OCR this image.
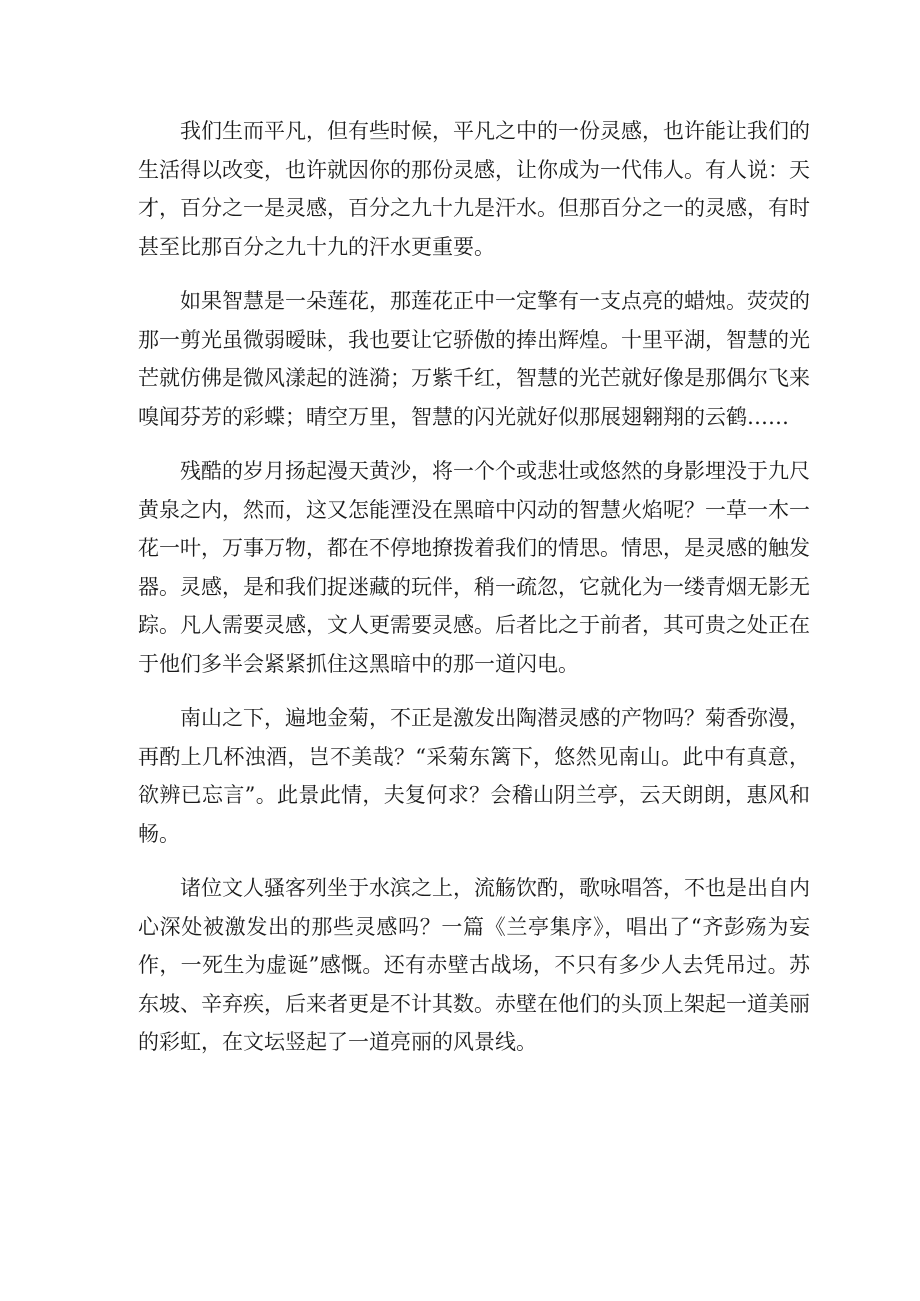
我们生而平凡，但有些时候，平凡之中的一份灵感，也许能让我们的生活得以改变，也许就因你的那份灵感，让你成为一代伟人。有人说：天才，百分之一是灵感，百分之九十九是汗水。但那百分之一的灵感，有时甚至比那百分之九十九的汗水更重要。

如果智慧是一朵莲花，那莲花正中一定擎有一支点亮的蜡烛。荧荧的那一剪光虽微弱暧昧，我也要让它骄傲的捧出辉煌。十里平湖，智慧的光芒就仿佛是微风漾起的涟漪；万紫千红，智慧的光芒就好像是那偶尔飞来嗅闻芬芳的彩蝶；晴空万里，智慧的闪光就好似那展翅翱翔的云鹤……

残酷的岁月扬起漫天黄沙，将一个个或悲壮或悠然的身影埋没于九尺黄泉之内，然而，这又怎能湮没在黑暗中闪动的智慧火焰呢？一草一木一花一叶，万事万物，都在不停地撩拨着我们的情思。情思，是灵感的触发器。灵感，是和我们捉迷藏的玩伴，稍一疏忽，它就化为一缕青烟无影无踪。凡人需要灵感，文人更需要灵感。后者比之于前者，其可贵之处正在于他们多半会紧紧抓住这黑暗中的那一道闪电。

南山之下，遍地金菊，不正是激发出陶潜灵感的产物吗？菊香弥漫，再酌上几杯浊酒，岂不美哉？“采菊东篱下，悠然见南山。此中有真意，欲辨已忘言”。此景此情，夫复何求？会稽山阴兰亭，云天朗朗，惠风和畅。

诸位文人骚客列坐于水滨之上，流觞饮酌，歌咏唱答，不也是出自内心深处被激发出的那些灵感吗？一篇《兰亭集序》，唱出了“齐彭殇为妄作，一死生为虚诞”感慨。还有赤壁古战场，不只有多少人去凭吊过。苏东坡、辛弃疾，后来者更是不计其数。赤壁在他们的头顶上架起一道美丽的彩虹，在文坛竖起了一道亮丽的风景线。
